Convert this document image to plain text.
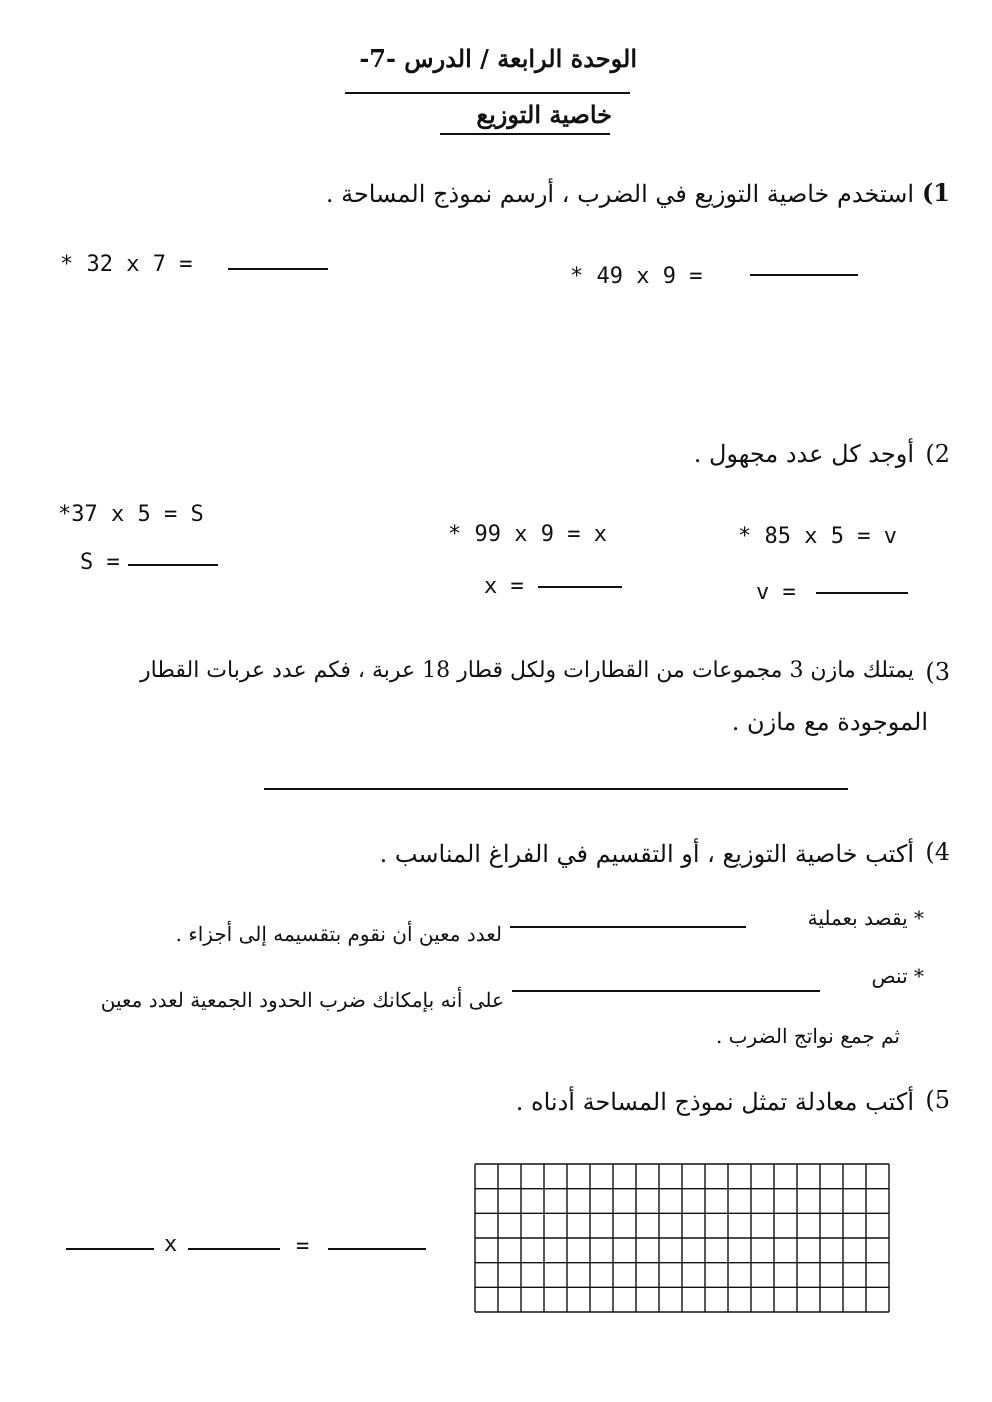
الوحدة الرابعة / الدرس -7-
خاصية التوزيع
1)
استخدم خاصية التوزيع في الضرب ، أرسم نموذج المساحة .
* 32 x 7 =	* 49 x 9 =
2)
أوجد كل عدد مجهول .
*37 x 5 = S
S =
* 99 x 9 = x
x =
* 85 x 5 = v
v =
3)
يمتلك مازن 3 مجموعات من القطارات ولكل قطار 18 عربة ، فكم عدد عربات القطار
الموجودة مع مازن .
4)
أكتب خاصية التوزيع ، أو التقسيم في الفراغ المناسب .
* يقصد بعملية
لعدد معين أن نقوم بتقسيمه إلى أجزاء .
* تنص
على أنه بإمكانك ضرب الحدود الجمعية لعدد معين
ثم جمع نواتج الضرب .
5)
أكتب معادلة تمثل نموذج المساحة أدناه .
x	=
